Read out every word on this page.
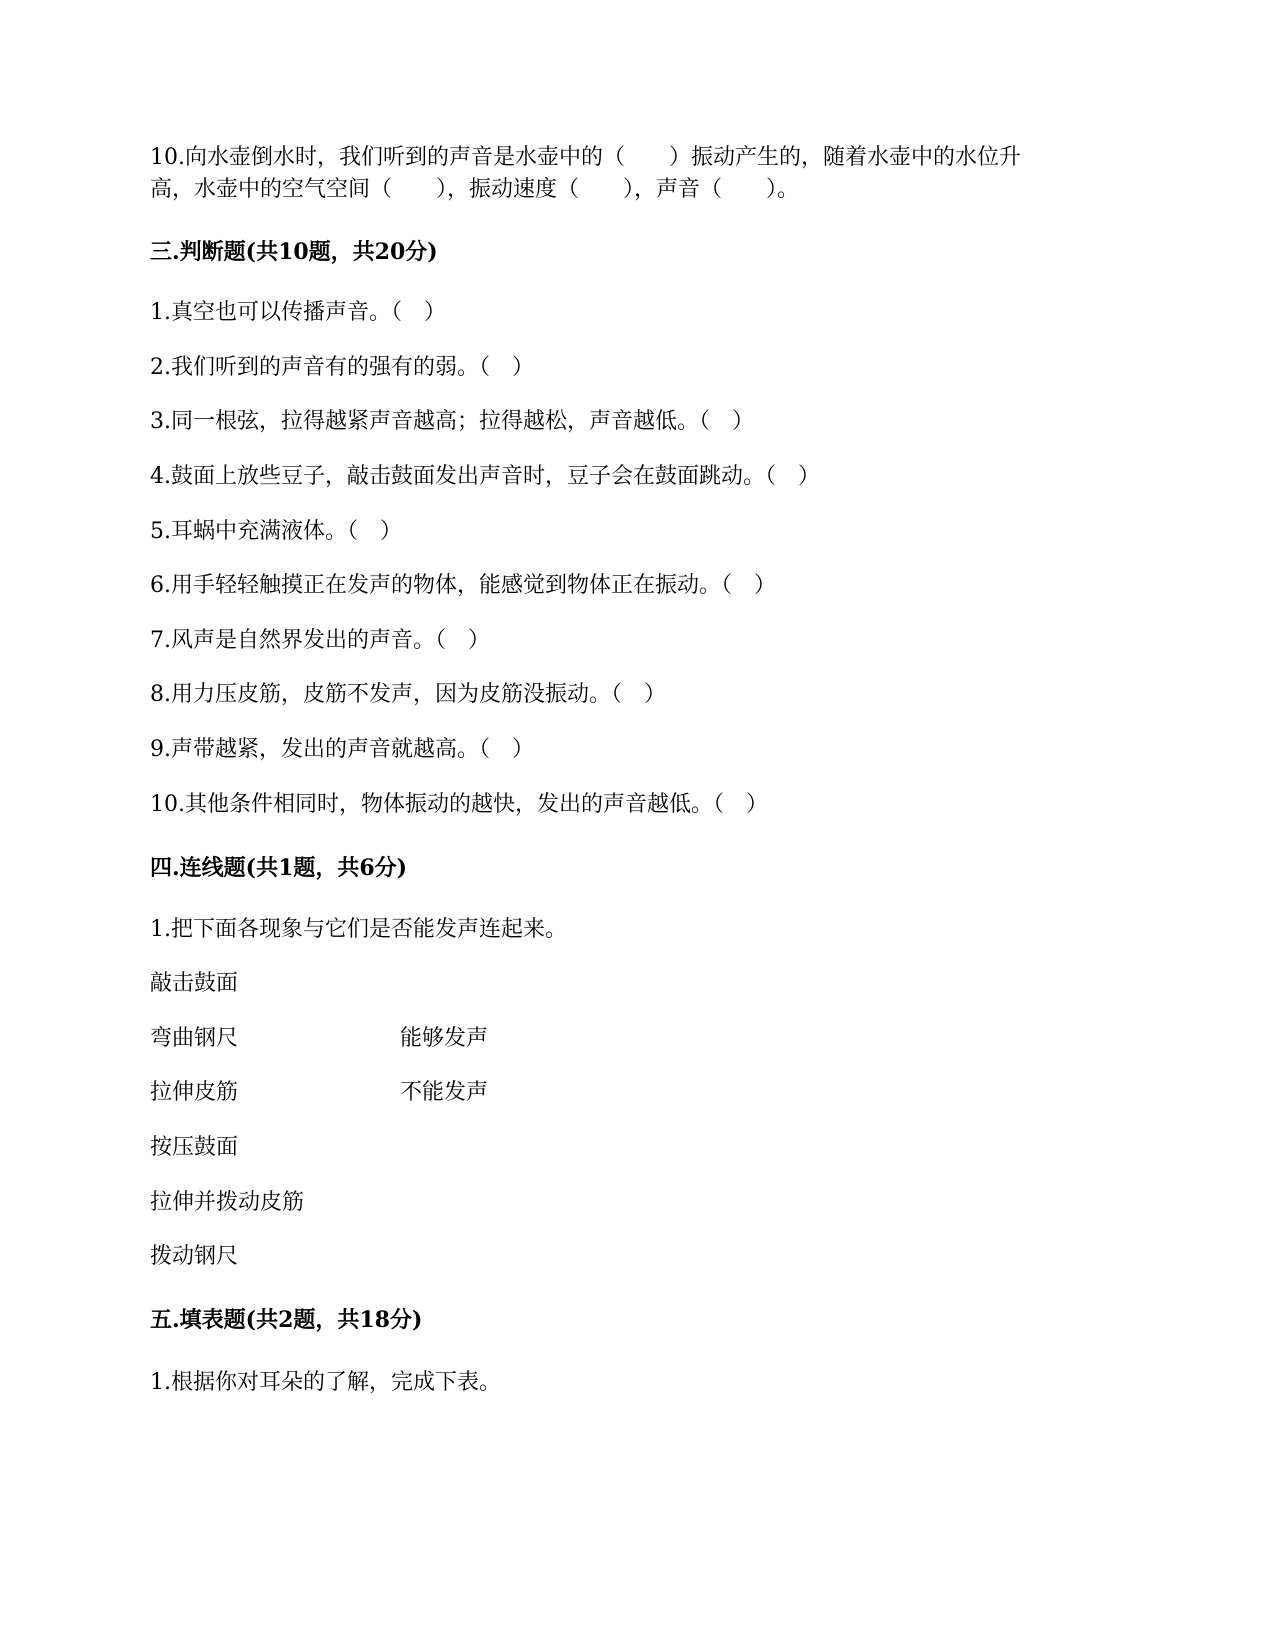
10.向水壶倒水时，我们听到的声音是水壶中的（　　）振动产生的，随着水壶中的水位升
高，水壶中的空气空间（　　），振动速度（　　），声音（　　）。
三.判断题(共10题，共20分)
1.真空也可以传播声音。（　）
2.我们听到的声音有的强有的弱。（　）
3.同一根弦，拉得越紧声音越高；拉得越松，声音越低。（　）
4.鼓面上放些豆子，敲击鼓面发出声音时，豆子会在鼓面跳动。（　）
5.耳蜗中充满液体。（　）
6.用手轻轻触摸正在发声的物体，能感觉到物体正在振动。（　）
7.风声是自然界发出的声音。（　）
8.用力压皮筋，皮筋不发声，因为皮筋没振动。（　）
9.声带越紧，发出的声音就越高。（　）
10.其他条件相同时，物体振动的越快，发出的声音越低。（　）
四.连线题(共1题，共6分)
1.把下面各现象与它们是否能发声连起来。
敲击鼓面
弯曲钢尺	能够发声
拉伸皮筋	不能发声
按压鼓面
拉伸并拨动皮筋
拨动钢尺
五.填表题(共2题，共18分)
1.根据你对耳朵的了解，完成下表。
